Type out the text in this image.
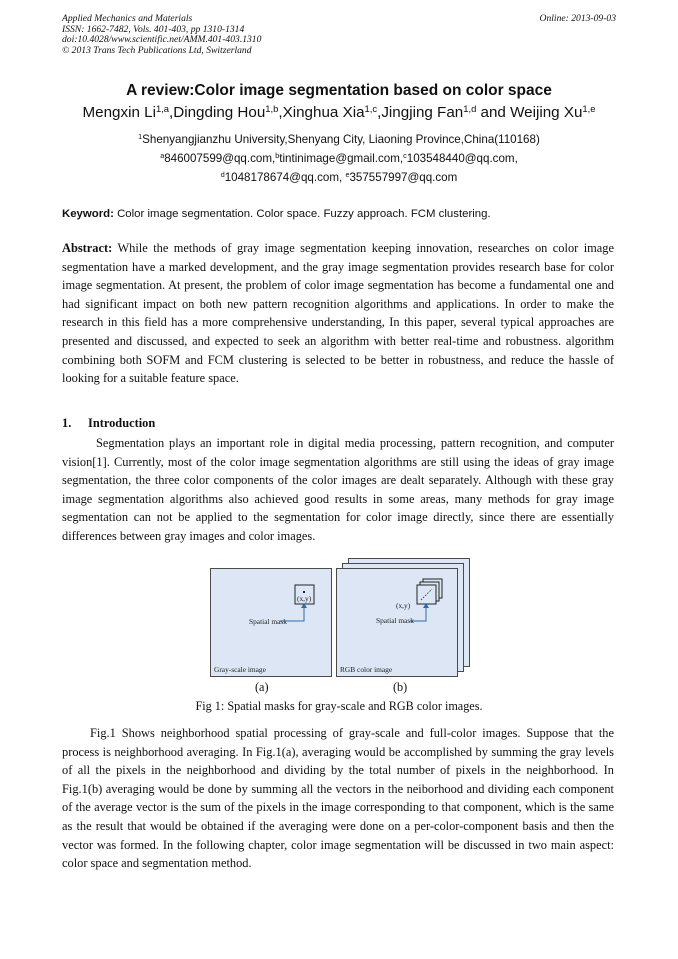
Applied Mechanics and Materials
ISSN: 1662-7482, Vols. 401-403, pp 1310-1314
doi:10.4028/www.scientific.net/AMM.401-403.1310
© 2013 Trans Tech Publications Ltd, Switzerland
Online: 2013-09-03
A review:Color image segmentation based on color space
Mengxin Li$^{1,a}$,Dingding Hou$^{1,b}$,Xinghua Xia$^{1,c}$,Jingjing Fan$^{1,d}$ and Weijing Xu$^{1,e}$
$^1$Shenyangjianzhu University,Shenyang City, Liaoning Province,China(110168)
$^a$846007599@qq.com,$^b$tintinimage@gmail.com,$^c$103548440@qq.com,
$^d$1048178674@qq.com, $^e$357557997@qq.com
Keyword: Color image segmentation. Color space. Fuzzy approach. FCM clustering.
Abstract: While the methods of gray image segmentation keeping innovation, researches on color image segmentation have a marked development, and the gray image segmentation provides research base for color image segmentation. At present, the problem of color image segmentation has become a fundamental one and had significant impact on both new pattern recognition algorithms and applications. In order to make the research in this field has a more comprehensive understanding, In this paper, several typical approaches are presented and discussed, and expected to seek an algorithm with better real-time and robustness. algorithm combining both SOFM and FCM clustering is selected to be better in robustness, and reduce the hassle of looking for a suitable feature space.
1. Introduction
Segmentation plays an important role in digital media processing, pattern recognition, and computer vision[1]. Currently, most of the color image segmentation algorithms are still using the ideas of gray image segmentation, the three color components of the color images are dealt separately. Although with these gray image segmentation algorithms also achieved good results in some areas, many methods for gray image segmentation can not be applied to the segmentation for color image directly, since there are essentially differences between gray images and color images.
(x,y)
Spatial mask
Gray-scale image
(x,y)
Spatial mask
RGB color image
(a)	(b)
Fig 1: Spatial masks for gray-scale and RGB color images.
Fig.1 Shows neighborhood spatial processing of gray-scale and full-color images. Suppose that the process is neighborhood averaging. In Fig.1(a), averaging would be accomplished by summing the gray levels of all the pixels in the neighborhood and dividing by the total number of pixels in the neighborhood. In Fig.1(b) averaging would be done by summing all the vectors in the neiborhood and dividing each component of the average vector is the sum of the pixels in the image corresponding to that component, which is the same as the result that would be obtained if the averaging were done on a per-color-component basis and then the vector was formed. In the following chapter, color image segmentation will be discussed in two main aspect: color space and segmentation method.
